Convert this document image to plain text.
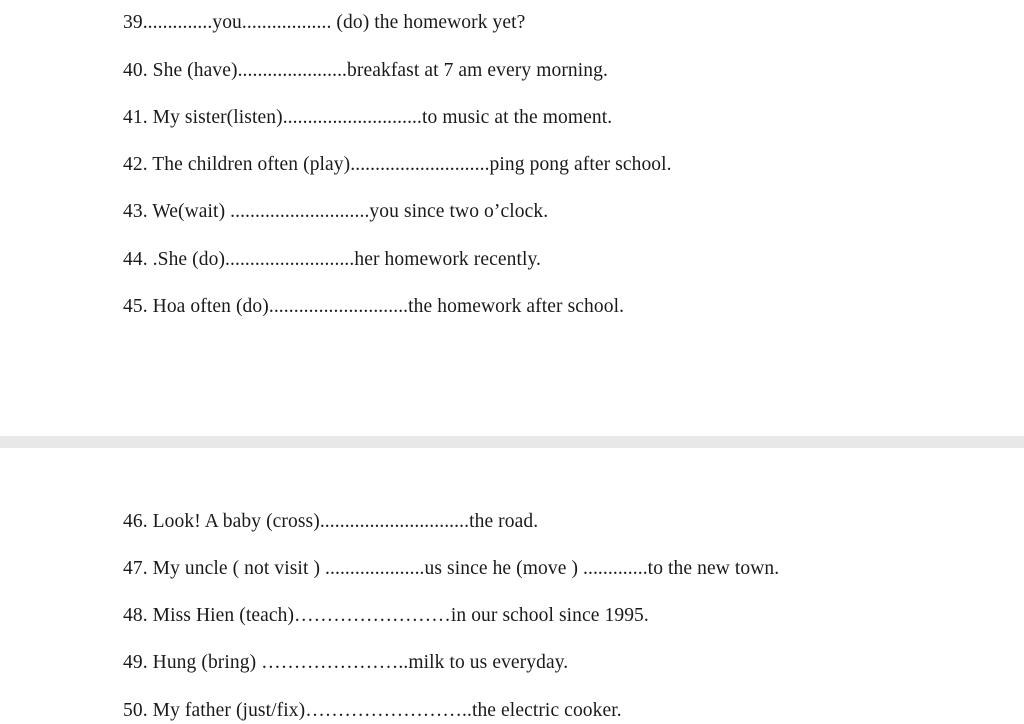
39..............you.................. (do) the homework yet?
40. She (have)......................breakfast at 7 am every morning.
41. My sister(listen)............................to music at the moment.
42. The children often (play)............................ping pong after school.
43. We(wait) ............................you since two o’clock.
44. .She (do)..........................her homework recently.
45. Hoa often (do)............................the homework after school.
46. Look! A baby (cross)..............................the road.
47. My uncle ( not visit ) ....................us since he (move ) .............to the new town.
48. Miss Hien (teach)……………………in our school since 1995.
49. Hung (bring) …………………..milk to us everyday.
50. My father (just/fix)……………………..the electric cooker.
